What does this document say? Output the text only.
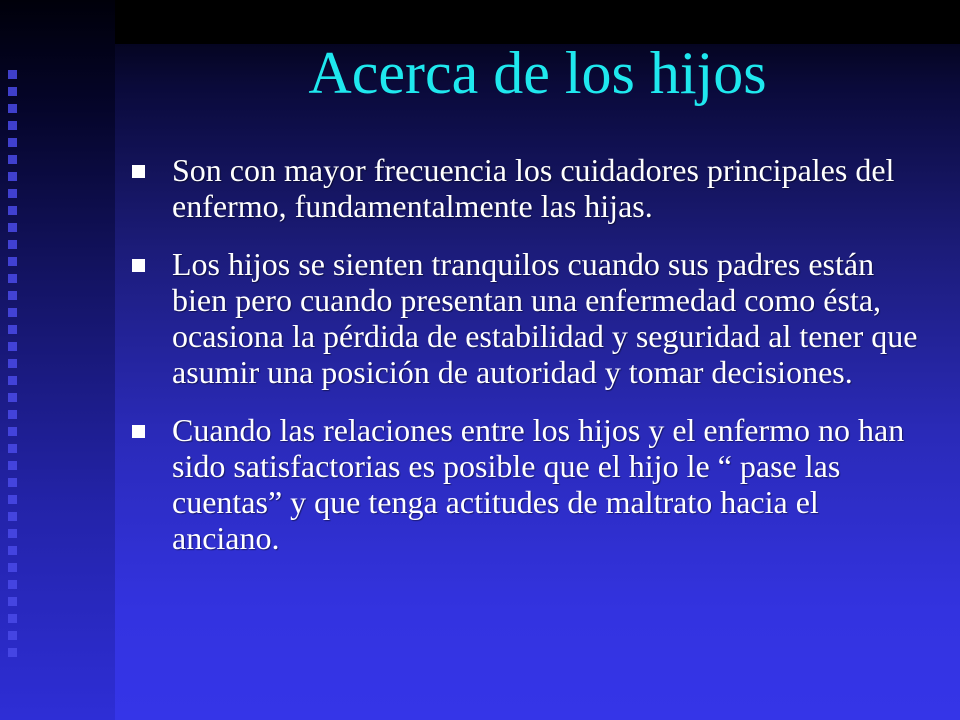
Acerca de los hijos
Son con mayor frecuencia los cuidadores principales del enfermo, fundamentalmente las hijas.
Los hijos se sienten tranquilos cuando sus padres están bien pero cuando presentan una enfermedad como ésta, ocasiona la pérdida de estabilidad y seguridad al tener que asumir una posición de autoridad y tomar decisiones.
Cuando las relaciones entre los hijos y el enfermo no han sido satisfactorias es posible que el hijo le “ pase las cuentas” y que tenga actitudes de maltrato hacia el anciano.
